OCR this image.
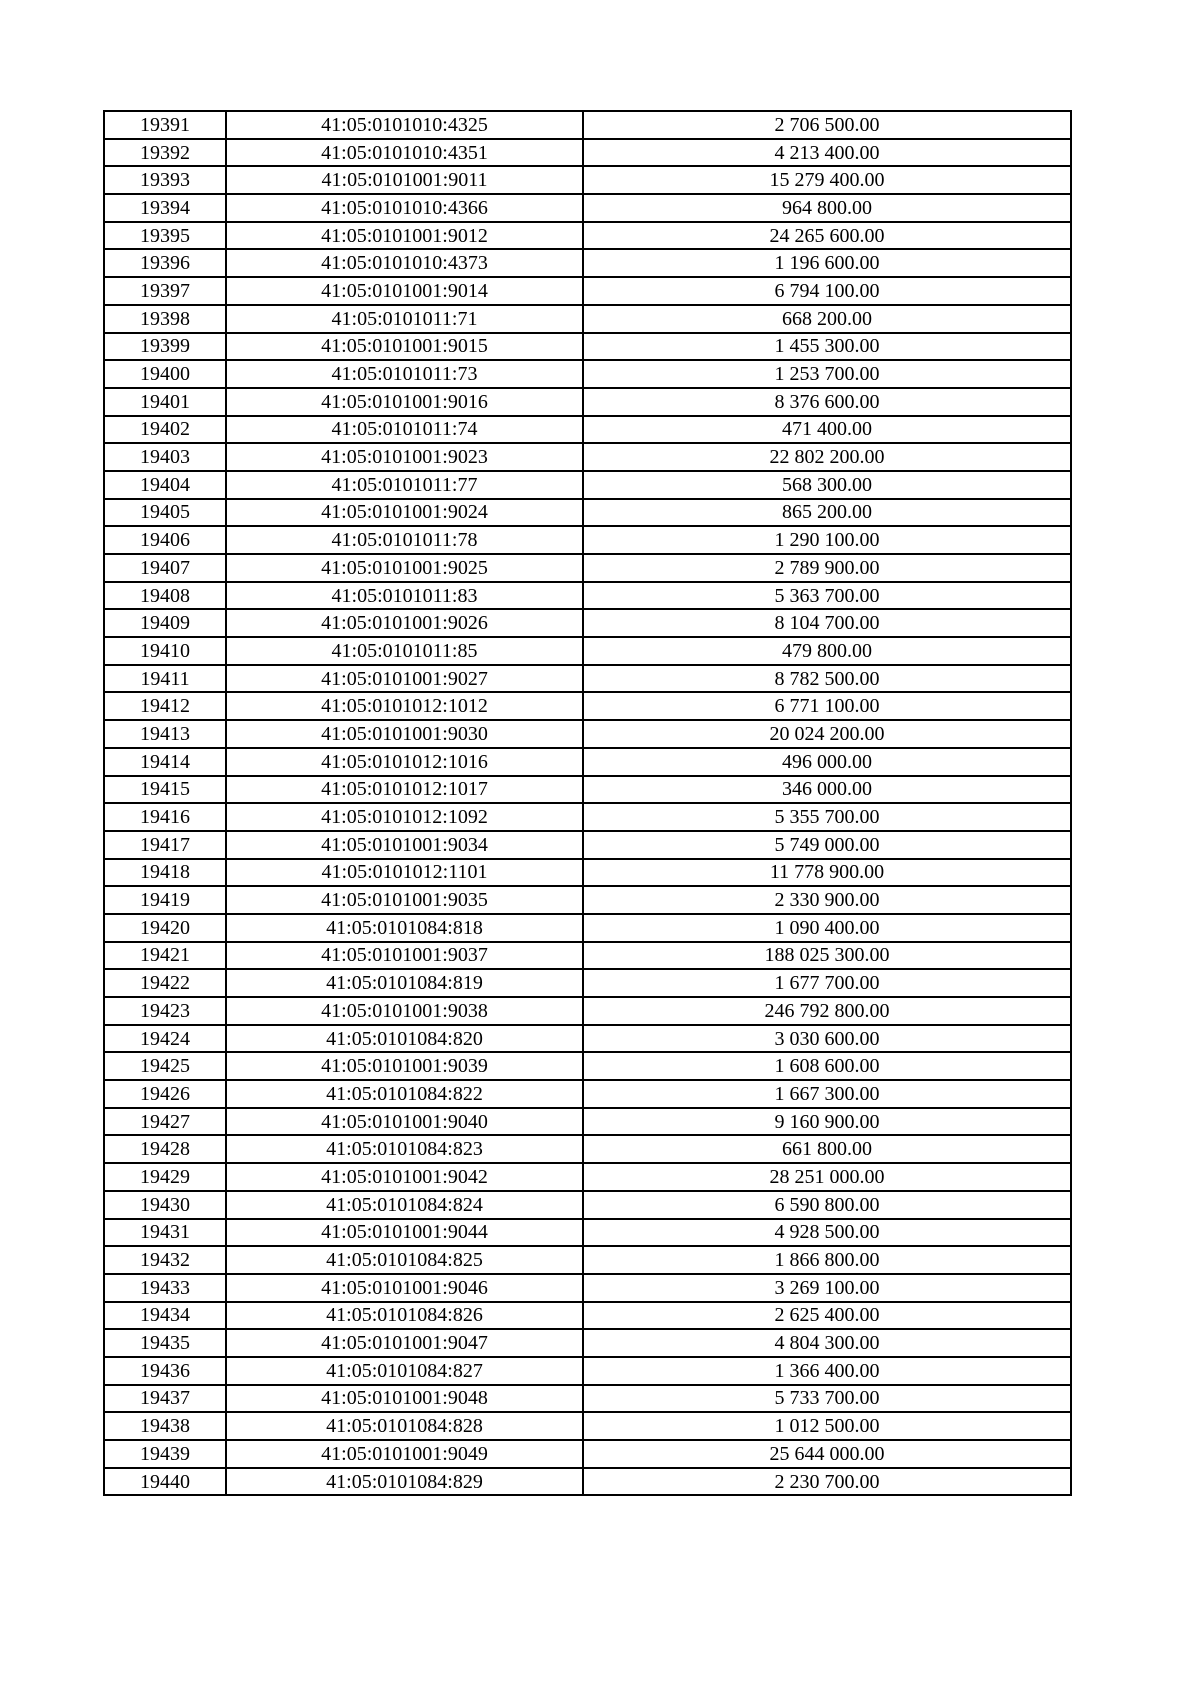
19391	41:05:0101010:4325	2 706 500.00
19392	41:05:0101010:4351	4 213 400.00
19393	41:05:0101001:9011	15 279 400.00
19394	41:05:0101010:4366	964 800.00
19395	41:05:0101001:9012	24 265 600.00
19396	41:05:0101010:4373	1 196 600.00
19397	41:05:0101001:9014	6 794 100.00
19398	41:05:0101011:71	668 200.00
19399	41:05:0101001:9015	1 455 300.00
19400	41:05:0101011:73	1 253 700.00
19401	41:05:0101001:9016	8 376 600.00
19402	41:05:0101011:74	471 400.00
19403	41:05:0101001:9023	22 802 200.00
19404	41:05:0101011:77	568 300.00
19405	41:05:0101001:9024	865 200.00
19406	41:05:0101011:78	1 290 100.00
19407	41:05:0101001:9025	2 789 900.00
19408	41:05:0101011:83	5 363 700.00
19409	41:05:0101001:9026	8 104 700.00
19410	41:05:0101011:85	479 800.00
19411	41:05:0101001:9027	8 782 500.00
19412	41:05:0101012:1012	6 771 100.00
19413	41:05:0101001:9030	20 024 200.00
19414	41:05:0101012:1016	496 000.00
19415	41:05:0101012:1017	346 000.00
19416	41:05:0101012:1092	5 355 700.00
19417	41:05:0101001:9034	5 749 000.00
19418	41:05:0101012:1101	11 778 900.00
19419	41:05:0101001:9035	2 330 900.00
19420	41:05:0101084:818	1 090 400.00
19421	41:05:0101001:9037	188 025 300.00
19422	41:05:0101084:819	1 677 700.00
19423	41:05:0101001:9038	246 792 800.00
19424	41:05:0101084:820	3 030 600.00
19425	41:05:0101001:9039	1 608 600.00
19426	41:05:0101084:822	1 667 300.00
19427	41:05:0101001:9040	9 160 900.00
19428	41:05:0101084:823	661 800.00
19429	41:05:0101001:9042	28 251 000.00
19430	41:05:0101084:824	6 590 800.00
19431	41:05:0101001:9044	4 928 500.00
19432	41:05:0101084:825	1 866 800.00
19433	41:05:0101001:9046	3 269 100.00
19434	41:05:0101084:826	2 625 400.00
19435	41:05:0101001:9047	4 804 300.00
19436	41:05:0101084:827	1 366 400.00
19437	41:05:0101001:9048	5 733 700.00
19438	41:05:0101084:828	1 012 500.00
19439	41:05:0101001:9049	25 644 000.00
19440	41:05:0101084:829	2 230 700.00
